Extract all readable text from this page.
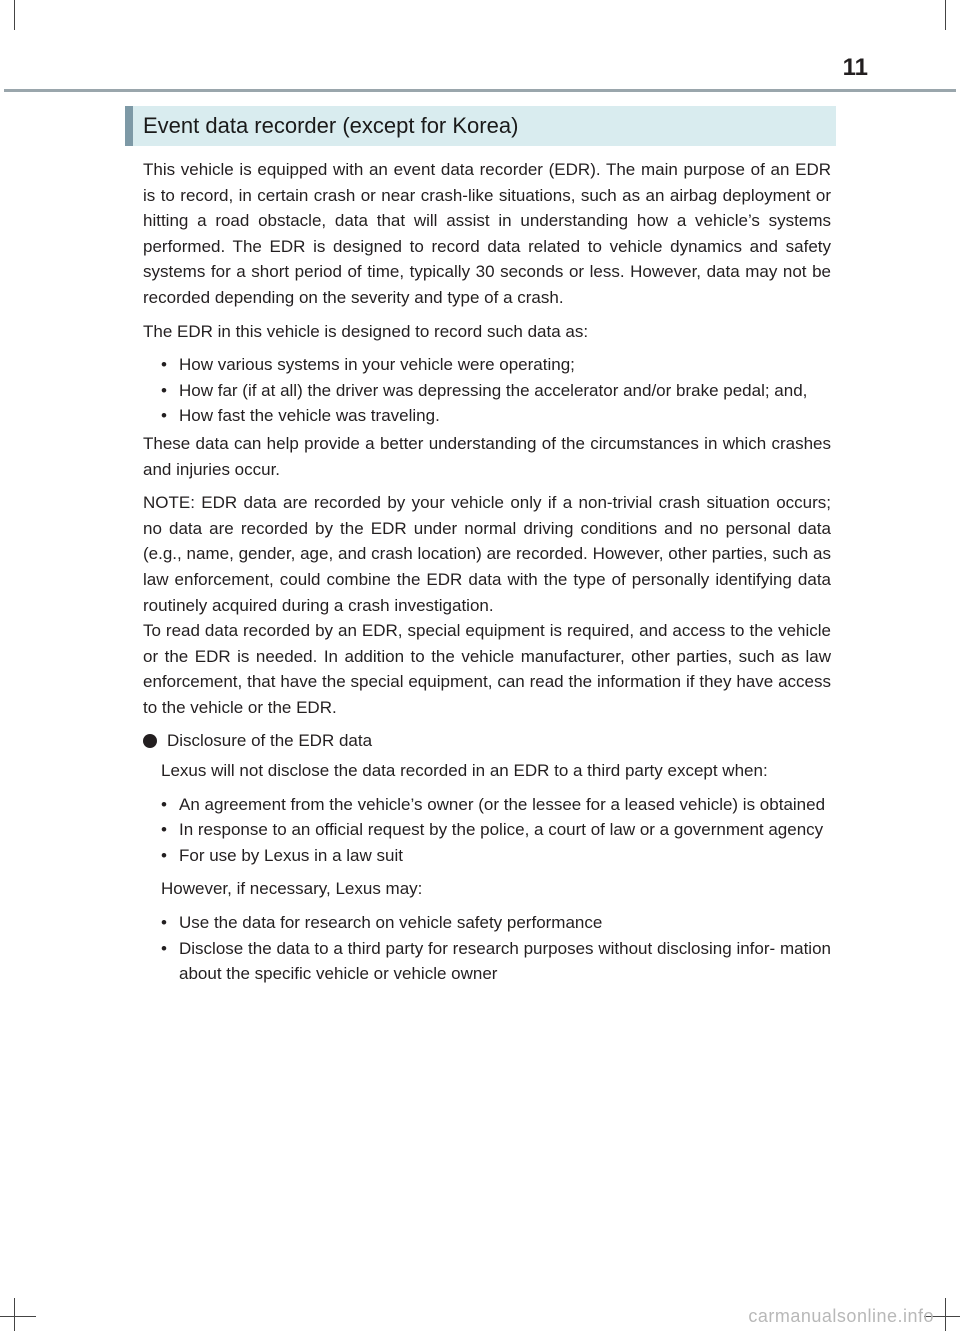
11
Event data recorder (except for Korea)

This vehicle is equipped with an event data recorder (EDR). The main purpose of an EDR is to record, in certain crash or near crash-like situations, such as an airbag deployment or hitting a road obstacle, data that will assist in understanding how a vehicle’s systems performed. The EDR is designed to record data related to vehicle dynamics and safety systems for a short period of time, typically 30 seconds or less. However, data may not be recorded depending on the severity and type of a crash.

The EDR in this vehicle is designed to record such data as:

• How various systems in your vehicle were operating;
• How far (if at all) the driver was depressing the accelerator and/or brake pedal; and,
• How fast the vehicle was traveling.

These data can help provide a better understanding of the circumstances in which crashes and injuries occur.

NOTE: EDR data are recorded by your vehicle only if a non-trivial crash situation occurs; no data are recorded by the EDR under normal driving conditions and no personal data (e.g., name, gender, age, and crash location) are recorded. However, other parties, such as law enforcement, could combine the EDR data with the type of personally identifying data routinely acquired during a crash investigation.

To read data recorded by an EDR, special equipment is required, and access to the vehicle or the EDR is needed. In addition to the vehicle manufacturer, other parties, such as law enforcement, that have the special equipment, can read the information if they have access to the vehicle or the EDR.

Disclosure of the EDR data

Lexus will not disclose the data recorded in an EDR to a third party except when:

• An agreement from the vehicle’s owner (or the lessee for a leased vehicle) is obtained
• In response to an official request by the police, a court of law or a government agency
• For use by Lexus in a law suit

However, if necessary, Lexus may:

• Use the data for research on vehicle safety performance
• Disclose the data to a third party for research purposes without disclosing infor- mation about the specific vehicle or vehicle owner
carmanualsonline.info
